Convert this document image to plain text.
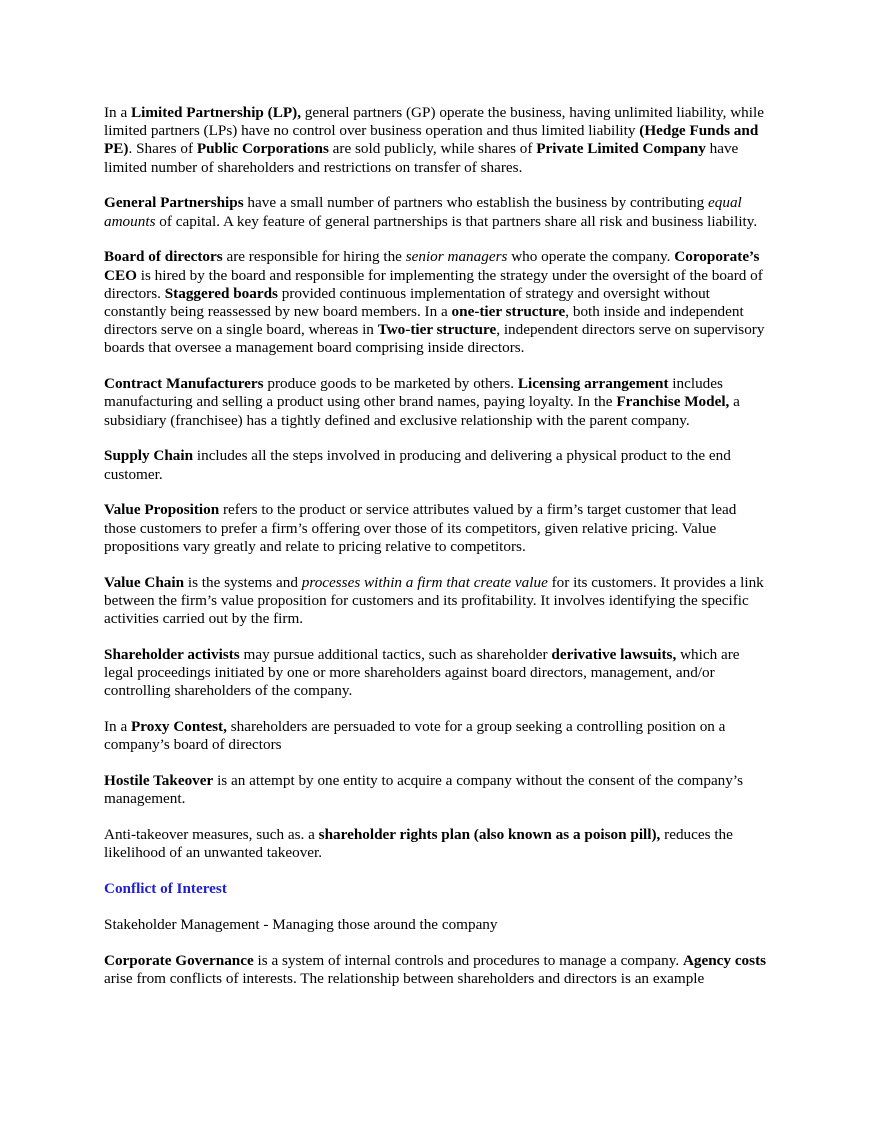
In a Limited Partnership (LP), general partners (GP) operate the business, having unlimited liability, while limited partners (LPs) have no control over business operation and thus limited liability (Hedge Funds and PE). Shares of Public Corporations are sold publicly, while shares of Private Limited Company have limited number of shareholders and restrictions on transfer of shares.

General Partnerships have a small number of partners who establish the business by contributing equal amounts of capital. A key feature of general partnerships is that partners share all risk and business liability.

Board of directors are responsible for hiring the senior managers who operate the company. Coroporate’s CEO is hired by the board and responsible for implementing the strategy under the oversight of the board of directors. Staggered boards provided continuous implementation of strategy and oversight without constantly being reassessed by new board members. In a one-tier structure, both inside and independent directors serve on a single board, whereas in Two-tier structure, independent directors serve on supervisory boards that oversee a management board comprising inside directors.

Contract Manufacturers produce goods to be marketed by others. Licensing arrangement includes manufacturing and selling a product using other brand names, paying loyalty. In the Franchise Model, a subsidiary (franchisee) has a tightly defined and exclusive relationship with the parent company.

Supply Chain includes all the steps involved in producing and delivering a physical product to the end customer.

Value Proposition refers to the product or service attributes valued by a firm’s target customer that lead those customers to prefer a firm’s offering over those of its competitors, given relative pricing. Value propositions vary greatly and relate to pricing relative to competitors.

Value Chain is the systems and processes within a firm that create value for its customers. It provides a link between the firm’s value proposition for customers and its profitability. It involves identifying the specific activities carried out by the firm.

Shareholder activists may pursue additional tactics, such as shareholder derivative lawsuits, which are legal proceedings initiated by one or more shareholders against board directors, management, and/or controlling shareholders of the company.

In a Proxy Contest, shareholders are persuaded to vote for a group seeking a controlling position on a company’s board of directors

Hostile Takeover is an attempt by one entity to acquire a company without the consent of the company’s management.

Anti-takeover measures, such as. a shareholder rights plan (also known as a poison pill), reduces the likelihood of an unwanted takeover.

Conflict of Interest

Stakeholder Management - Managing those around the company

Corporate Governance is a system of internal controls and procedures to manage a company. Agency costs arise from conflicts of interests. The relationship between shareholders and directors is an example
